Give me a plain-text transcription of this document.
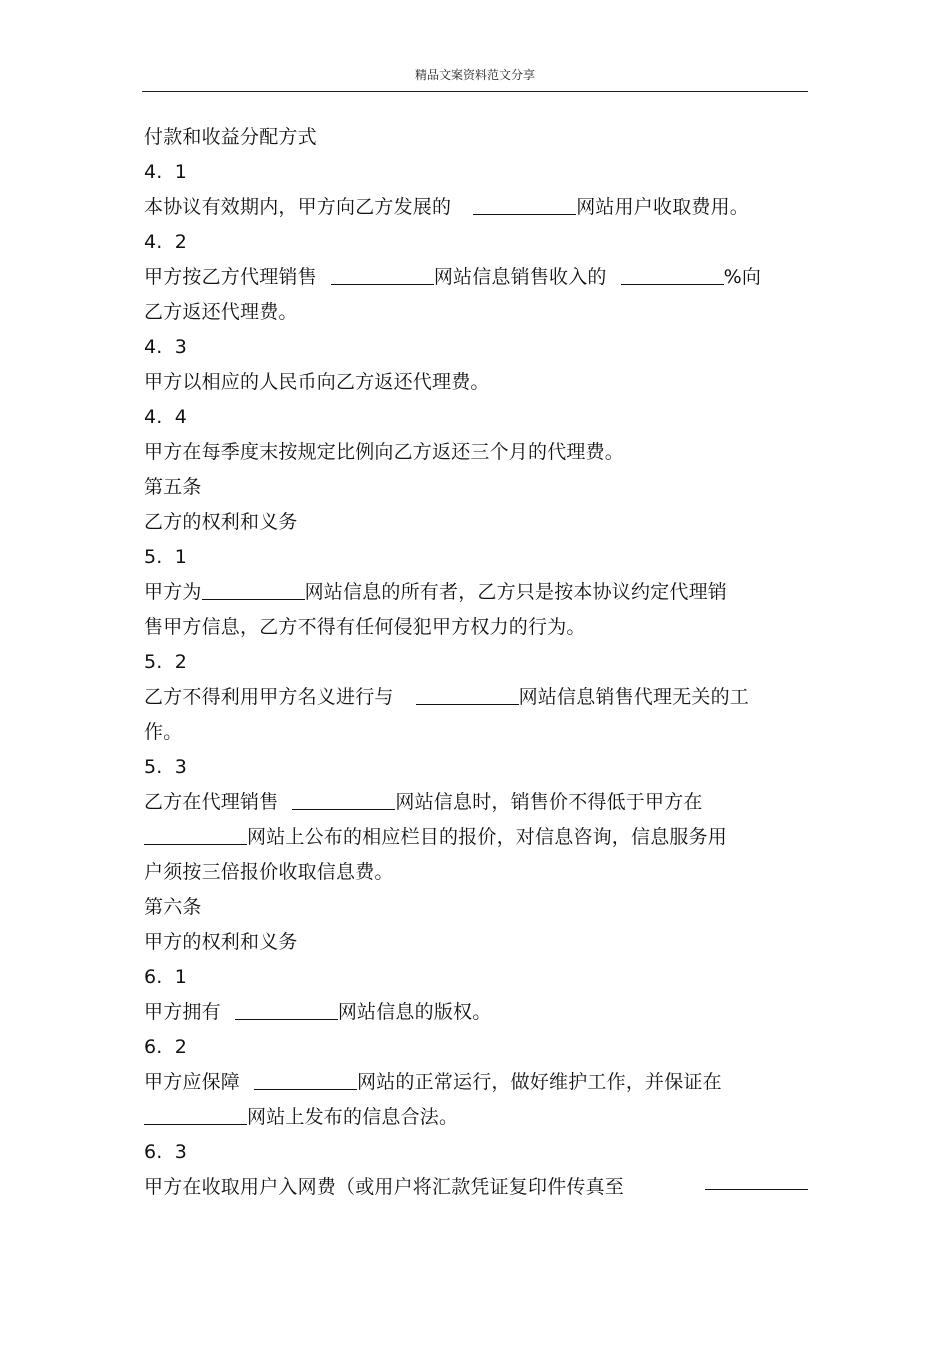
精品文案资料范文分享
付款和收益分配方式
4. 1
本协议有效期内，甲方向乙方发展的	网站用户收取费用。
4. 2
甲方按乙方代理销售	网站信息销售收入的	%向
乙方返还代理费。
4. 3
甲方以相应的人民币向乙方返还代理费。
4. 4
甲方在每季度末按规定比例向乙方返还三个月的代理费。
第五条
乙方的权利和义务
5. 1
甲方为	网站信息的所有者，乙方只是按本协议约定代理销
售甲方信息，乙方不得有任何侵犯甲方权力的行为。
5. 2
乙方不得利用甲方名义进行与	网站信息销售代理无关的工
作。
5. 3
乙方在代理销售	网站信息时，销售价不得低于甲方在
网站上公布的相应栏目的报价，对信息咨询，信息服务用
户须按三倍报价收取信息费。
第六条
甲方的权利和义务
6. 1
甲方拥有	网站信息的版权。
6. 2
甲方应保障	网站的正常运行，做好维护工作，并保证在
网站上发布的信息合法。
6. 3
甲方在收取用户入网费（或用户将汇款凭证复印件传真至
